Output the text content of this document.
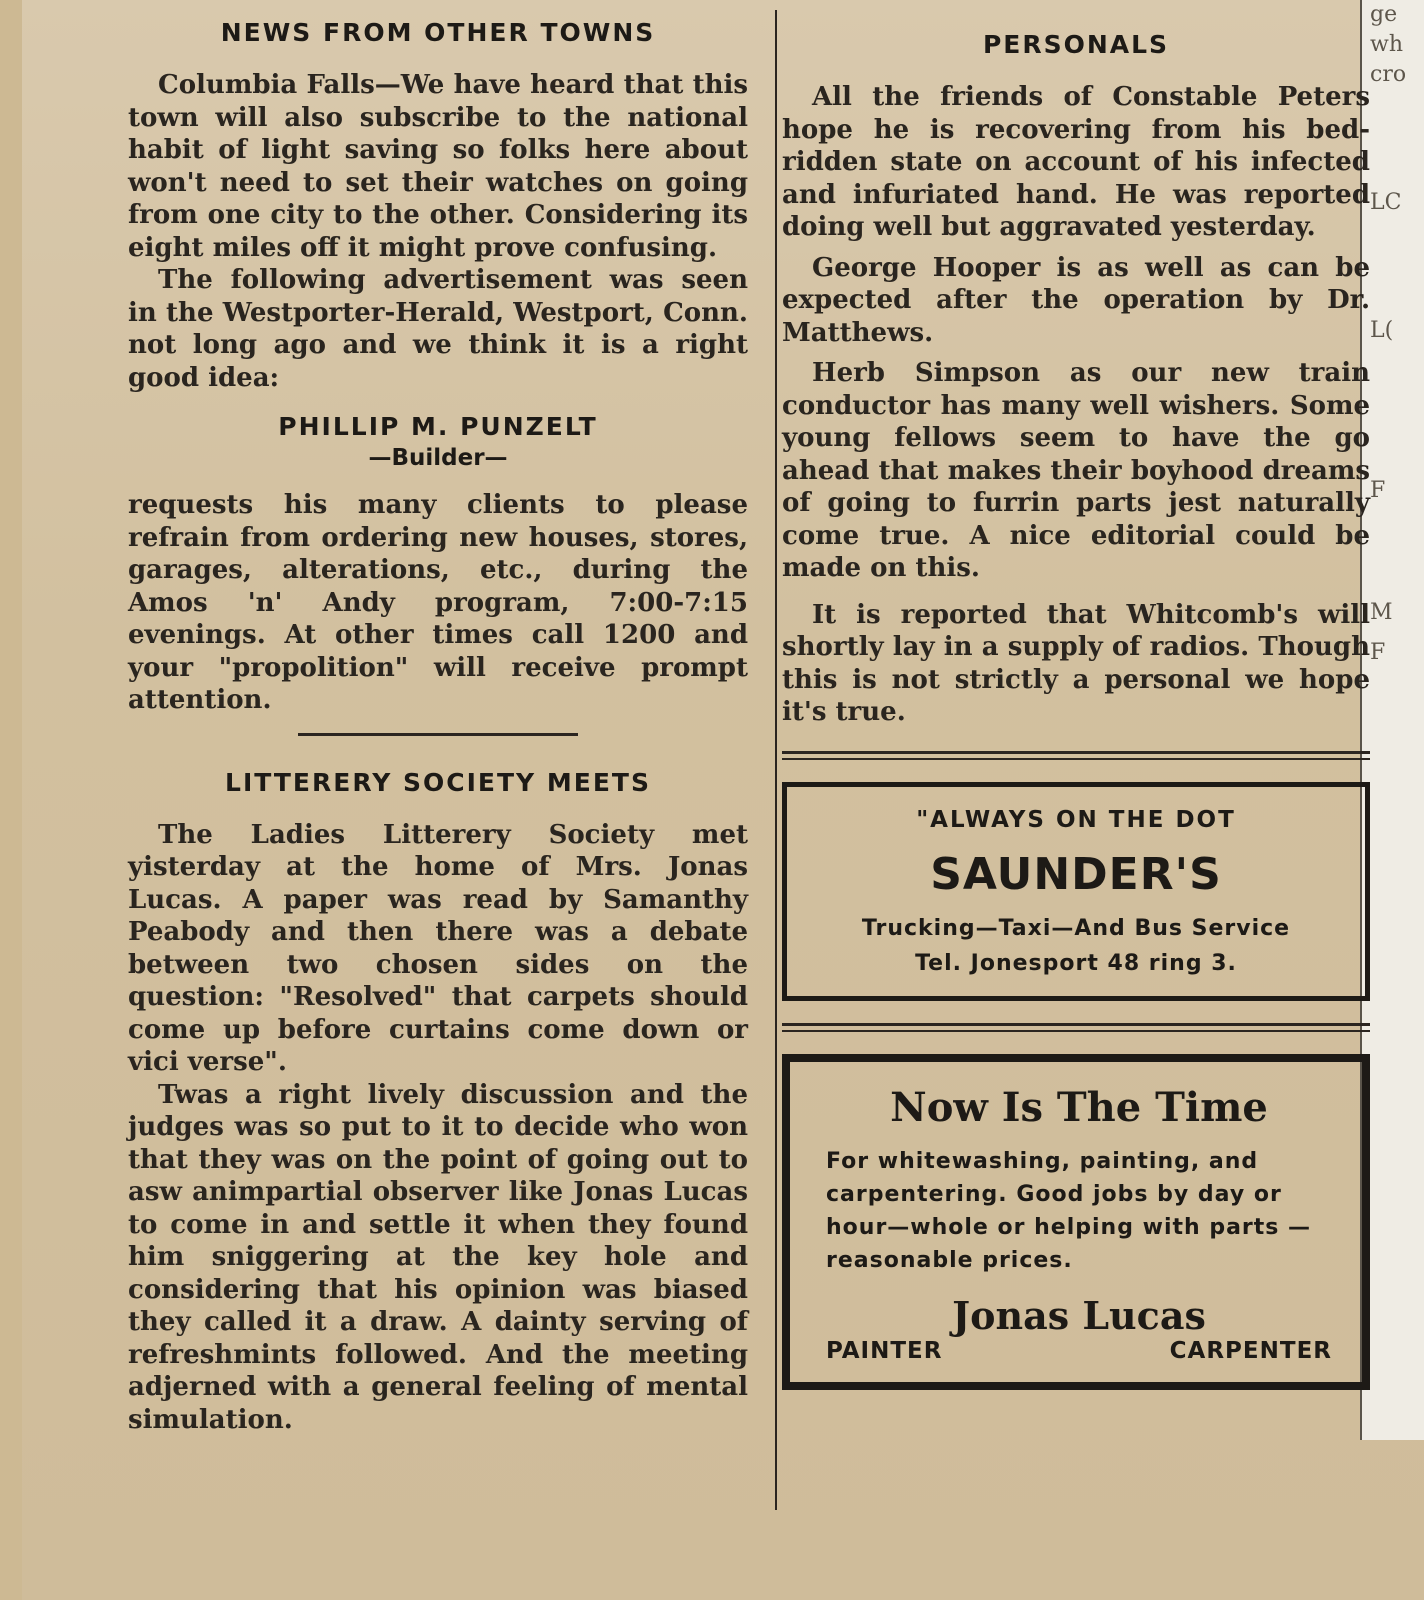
ge
wh
cro
LC
L(
F
M
F
NEWS FROM OTHER TOWNS

Columbia Falls—We have heard that this town will also subscribe to the national habit of light saving so folks here about won't need to set their watches on going from one city to the other. Considering its eight miles off it might prove confusing.

The following advertisement was seen in the Westporter-Herald, Westport, Conn. not long ago and we think it is a right good idea:

PHILLIP M. PUNZELT
—Builder—

requests his many clients to please refrain from ordering new houses, stores, garages, alterations, etc., during the Amos 'n' Andy program, 7:00-7:15 evenings. At other times call 1200 and your "propolition" will receive prompt attention.

LITTERERY SOCIETY MEETS

The Ladies Litterery Society met yisterday at the home of Mrs. Jonas Lucas. A paper was read by Samanthy Peabody and then there was a debate between two chosen sides on the question: "Resolved" that carpets should come up before curtains come down or vici verse".

Twas a right lively discussion and the judges was so put to it to decide who won that they was on the point of going out to asw animpartial observer like Jonas Lucas to come in and settle it when they found him sniggering at the key hole and considering that his opinion was biased they called it a draw. A dainty serving of refreshmints followed. And the meeting adjerned with a general feeling of mental simulation.

PERSONALS

All the friends of Constable Peters hope he is recovering from his bed-ridden state on account of his infected and infuriated hand. He was reported doing well but aggravated yesterday.

George Hooper is as well as can be expected after the operation by Dr. Matthews.

Herb Simpson as our new train conductor has many well wishers. Some young fellows seem to have the go ahead that makes their boyhood dreams of going to furrin parts jest naturally come true. A nice editorial could be made on this.

It is reported that Whitcomb's will shortly lay in a supply of radios. Though this is not strictly a personal we hope it's true.

"ALWAYS ON THE DOT
SAUNDER'S
Trucking—Taxi—And Bus Service
Tel. Jonesport 48 ring 3.
Now Is The Time
For whitewashing, painting, and carpentering. Good jobs by day or hour—whole or helping with parts —reasonable prices.
Jonas Lucas
PAINTER	CARPENTER
